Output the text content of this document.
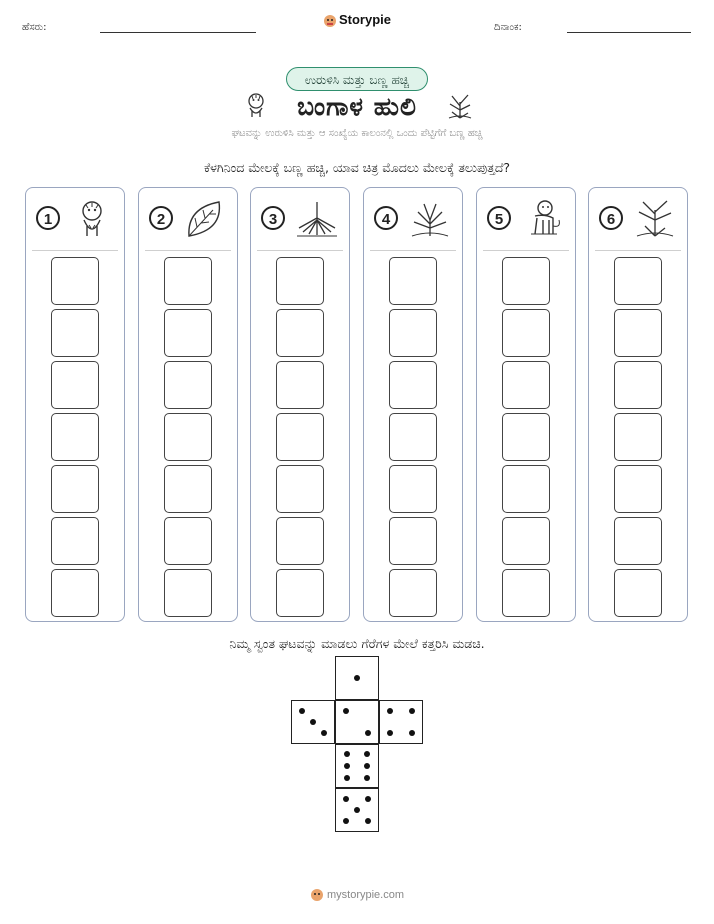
ಹೆಸರು:
Storypie
ದಿನಾಂಕ:
ಉರುಳಿಸಿ ಮತ್ತು ಬಣ್ಣ ಹಚ್ಚಿ
ಬಂಗಾಳ ಹುಲಿ
ಘಟವನ್ನು ಉರುಳಿಸಿ ಮತ್ತು ಆ ಸಂಖ್ಯೆಯ ಕಾಲಂನಲ್ಲಿ ಒಂದು ಪೆಟ್ಟಿಗೆಗೆ ಬಣ್ಣ ಹಚ್ಚಿ
ಕೆಳಗಿನಿಂದ ಮೇಲಕ್ಕೆ ಬಣ್ಣ ಹಚ್ಚಿ, ಯಾವ ಚಿತ್ರ ಮೊದಲು ಮೇಲಕ್ಕೆ ತಲುಪುತ್ತದೆ?
1	2	3	4	5	6
ನಿಮ್ಮ ಸ್ವಂತ ಘಟವನ್ನು ಮಾಡಲು ಗೆರೆಗಳ ಮೇಲೆ ಕತ್ತರಿಸಿ ಮಡಚಿ.
mystorypie.com
